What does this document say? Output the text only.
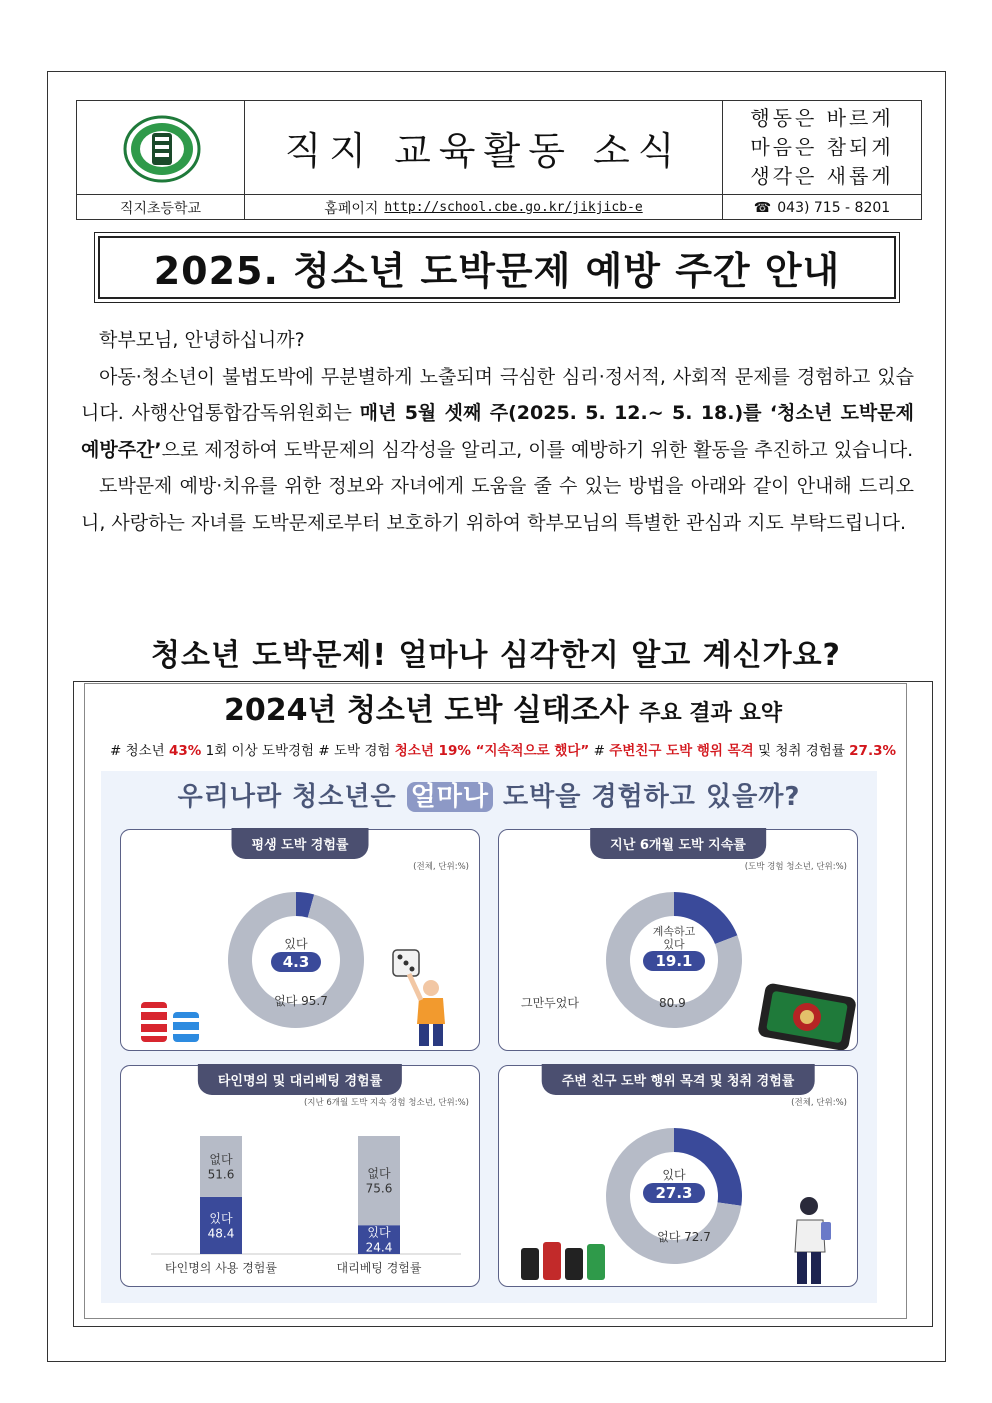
직지 교육활동 소식
행동은 바르게
마음은 참되게
생각은 새롭게
직지초등학교	홈페이지 http://school.cbe.go.kr/jikjicb-e	☎ 043) 715 - 8201
2025. 청소년 도박문제 예방 주간 안내

학부모님, 안녕하십니까?

아동·청소년이 불법도박에 무분별하게 노출되며 극심한 심리·정서적, 사회적 문제를 경험하고 있습니다. 사행산업통합감독위원회는 매년 5월 셋째 주(2025. 5. 12.~ 5. 18.)를 ‘청소년 도박문제 예방주간’으로 제정하여 도박문제의 심각성을 알리고, 이를 예방하기 위한 활동을 추진하고 있습니다.

도박문제 예방·치유를 위한 정보와 자녀에게 도움을 줄 수 있는 방법을 아래와 같이 안내해 드리오니, 사랑하는 자녀를 도박문제로부터 보호하기 위하여 학부모님의 특별한 관심과 지도 부탁드립니다.

청소년 도박문제! 얼마나 심각한지 알고 계신가요?
2024년 청소년 도박 실태조사 주요 결과 요약
# 청소년 43% 1회 이상 도박경험 # 도박 경험 청소년 19% “지속적으로 했다” # 주변친구 도박 행위 목격 및 청취 경험률 27.3%
우리나라 청소년은 얼마나 도박을 경험하고 있을까?
평생 도박 경험률
(전체, 단위:%)
있다
4.3
없다 95.7
지난 6개월 도박 지속률
(도박 경험 청소년, 단위:%)
계속하고 있다
19.1
그만두었다	80.9
타인명의 및 대리베팅 경험률
(지난 6개월 도박 지속 경험 청소년, 단위:%)
없다
51.6
있다
48.4
타인명의 사용 경험률
없다
75.6
있다
24.4
대리베팅 경험률
주변 친구 도박 행위 목격 및 청취 경험률
(전체, 단위:%)
있다
27.3
없다 72.7
